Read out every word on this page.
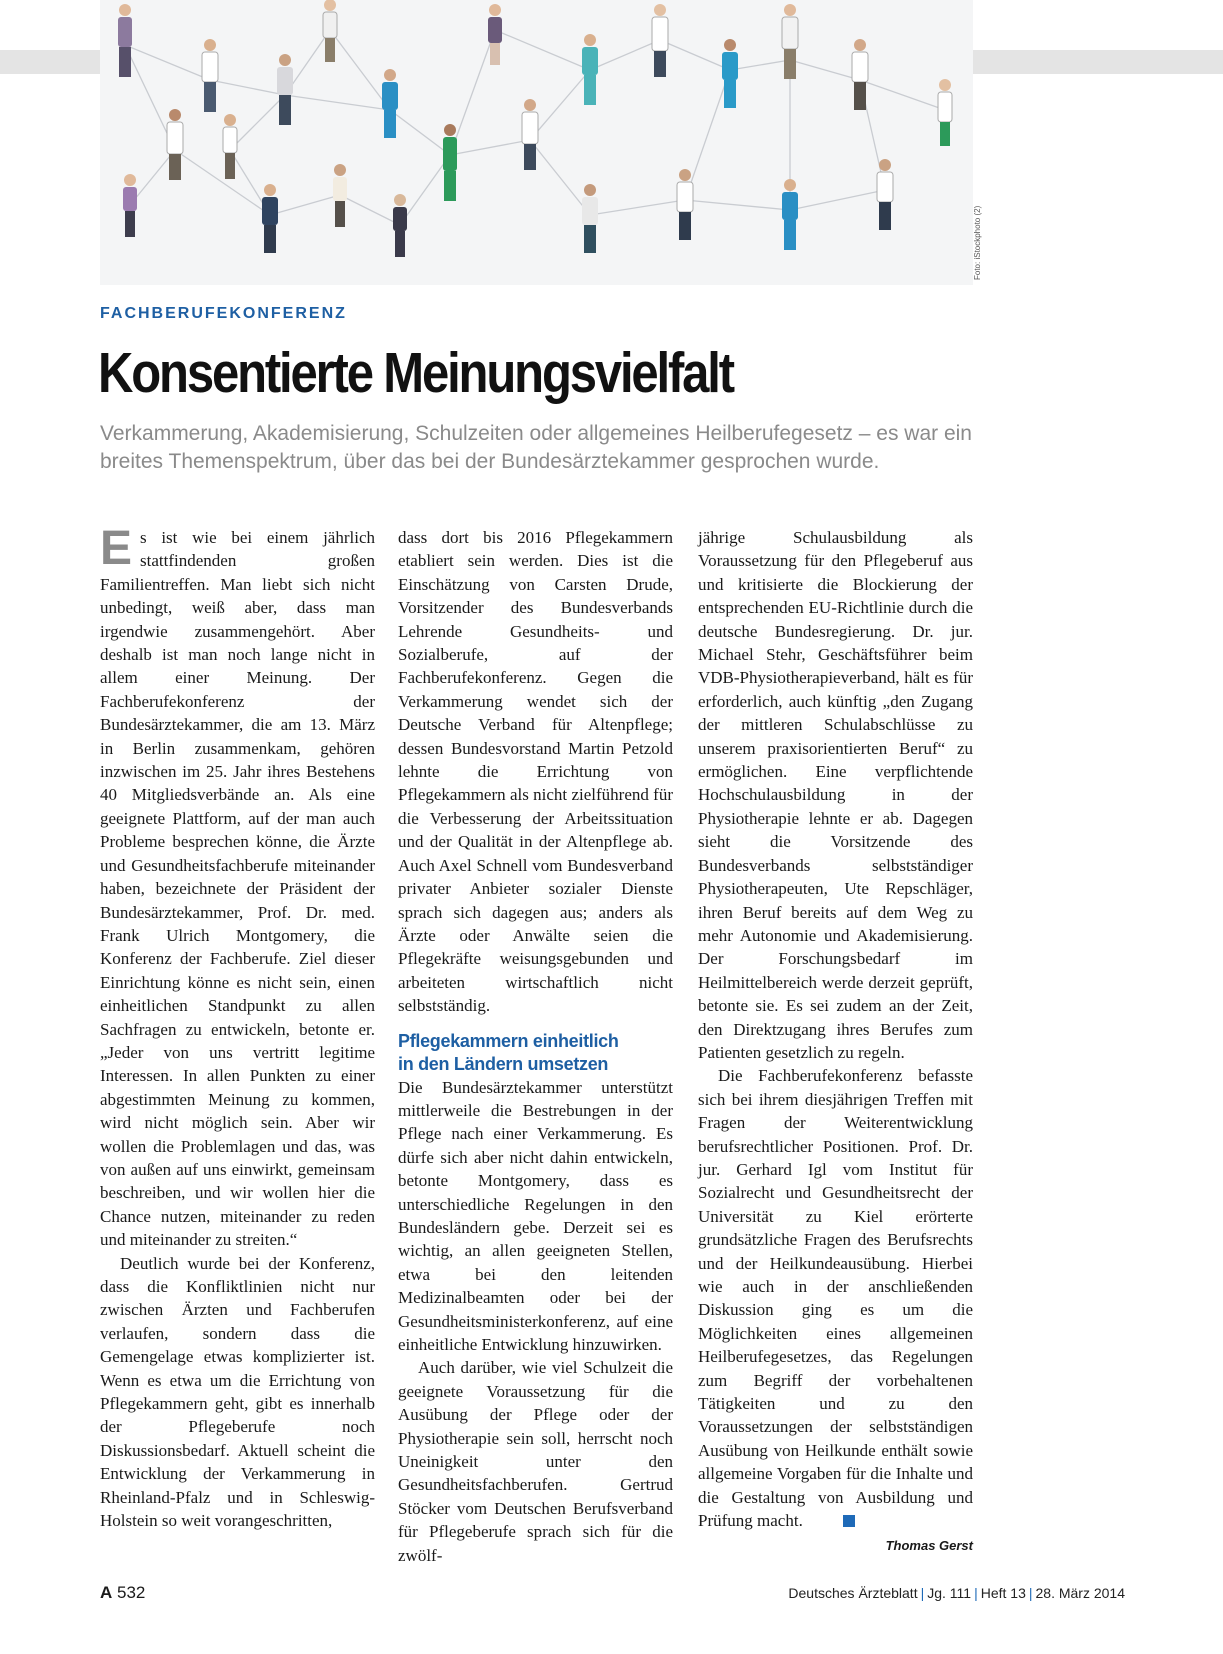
Foto: iStockphoto (2)
FACHBERUFEKONFERENZ
Konsentierte Meinungsvielfalt

Verkammerung, Akademisierung, Schulzeiten oder allgemeines Heilberufegesetz – es war ein breites Themenspektrum, über das bei der Bundesärztekammer gesprochen wurde.

Es ist wie bei einem jährlich stattfindenden großen Familientreffen. Man liebt sich nicht unbedingt, weiß aber, dass man irgendwie zusammengehört. Aber deshalb ist man noch lange nicht in allem einer Meinung. Der Fachberufekonferenz der Bundesärztekammer, die am 13. März in Berlin zusammenkam, gehören inzwischen im 25. Jahr ihres Bestehens 40 Mitgliedsverbände an. Als eine geeignete Plattform, auf der man auch Probleme besprechen könne, die Ärzte und Gesundheitsfachberufe miteinander haben, bezeichnete der Präsident der Bundesärztekammer, Prof. Dr. med. Frank Ulrich Montgomery, die Konferenz der Fachberufe. Ziel dieser Einrichtung könne es nicht sein, einen einheitlichen Standpunkt zu allen Sachfragen zu entwickeln, betonte er. „Jeder von uns vertritt legitime Interessen. In allen Punkten zu einer abgestimmten Meinung zu kommen, wird nicht möglich sein. Aber wir wollen die Problemlagen und das, was von außen auf uns einwirkt, gemeinsam beschreiben, und wir wollen hier die Chance nutzen, miteinander zu reden und miteinander zu streiten.“

Deutlich wurde bei der Konferenz, dass die Konfliktlinien nicht nur zwischen Ärzten und Fachberufen verlaufen, sondern dass die Gemengelage etwas komplizierter ist. Wenn es etwa um die Errichtung von Pflegekammern geht, gibt es innerhalb der Pflegeberufe noch Diskussionsbedarf. Aktuell scheint die Entwicklung der Verkammerung in Rheinland-Pfalz und in Schleswig-Holstein so weit vorangeschritten,

dass dort bis 2016 Pflegekammern etabliert sein werden. Dies ist die Einschätzung von Carsten Drude, Vorsitzender des Bundesverbands Lehrende Gesundheits- und Sozialberufe, auf der Fachberufekonferenz. Gegen die Verkammerung wendet sich der Deutsche Verband für Altenpflege; dessen Bundesvorstand Martin Petzold lehnte die Errichtung von Pflegekammern als nicht zielführend für die Verbesserung der Arbeitssituation und der Qualität in der Altenpflege ab. Auch Axel Schnell vom Bundesverband privater Anbieter sozialer Dienste sprach sich dagegen aus; anders als Ärzte oder Anwälte seien die Pflegekräfte weisungsgebunden und arbeiteten wirtschaftlich nicht selbstständig.

Pflegekammern einheitlich
in den Ländern umsetzen

Die Bundesärztekammer unterstützt mittlerweile die Bestrebungen in der Pflege nach einer Verkammerung. Es dürfe sich aber nicht dahin entwickeln, betonte Montgomery, dass es unterschiedliche Regelungen in den Bundesländern gebe. Derzeit sei es wichtig, an allen geeigneten Stellen, etwa bei den leitenden Medizinalbeamten oder bei der Gesundheitsministerkonferenz, auf eine einheitliche Entwicklung hinzuwirken.

Auch darüber, wie viel Schulzeit die geeignete Voraussetzung für die Ausübung der Pflege oder der Physiotherapie sein soll, herrscht noch Uneinigkeit unter den Gesundheitsfachberufen. Gertrud Stöcker vom Deutschen Berufsverband für Pflegeberufe sprach sich für die zwölf-

jährige Schulausbildung als Voraussetzung für den Pflegeberuf aus und kritisierte die Blockierung der entsprechenden EU-Richtlinie durch die deutsche Bundesregierung. Dr. jur. Michael Stehr, Geschäftsführer beim VDB-Physiotherapieverband, hält es für erforderlich, auch künftig „den Zugang der mittleren Schulabschlüsse zu unserem praxisorientierten Beruf“ zu ermöglichen. Eine verpflichtende Hochschulausbildung in der Physiotherapie lehnte er ab. Dagegen sieht die Vorsitzende des Bundesverbands selbstständiger Physiotherapeuten, Ute Repschläger, ihren Beruf bereits auf dem Weg zu mehr Autonomie und Akademisierung. Der Forschungsbedarf im Heilmittelbereich werde derzeit geprüft, betonte sie. Es sei zudem an der Zeit, den Direktzugang ihres Berufes zum Patienten gesetzlich zu regeln.

Die Fachberufekonferenz befasste sich bei ihrem diesjährigen Treffen mit Fragen der Weiterentwicklung berufsrechtlicher Positionen. Prof. Dr. jur. Gerhard Igl vom Institut für Sozialrecht und Gesundheitsrecht der Universität zu Kiel erörterte grundsätzliche Fragen des Berufsrechts und der Heilkundeausübung. Hierbei wie auch in der anschließenden Diskussion ging es um die Möglichkeiten eines allgemeinen Heilberufegesetzes, das Regelungen zum Begriff der vorbehaltenen Tätigkeiten und zu den Voraussetzungen der selbstständigen Ausübung von Heilkunde enthält sowie allgemeine Vorgaben für die Inhalte und die Gestaltung von Ausbildung und Prüfung macht.

Thomas Gerst
A 532	Deutsches Ärzteblatt | Jg. 111 | Heft 13 | 28. März 2014
